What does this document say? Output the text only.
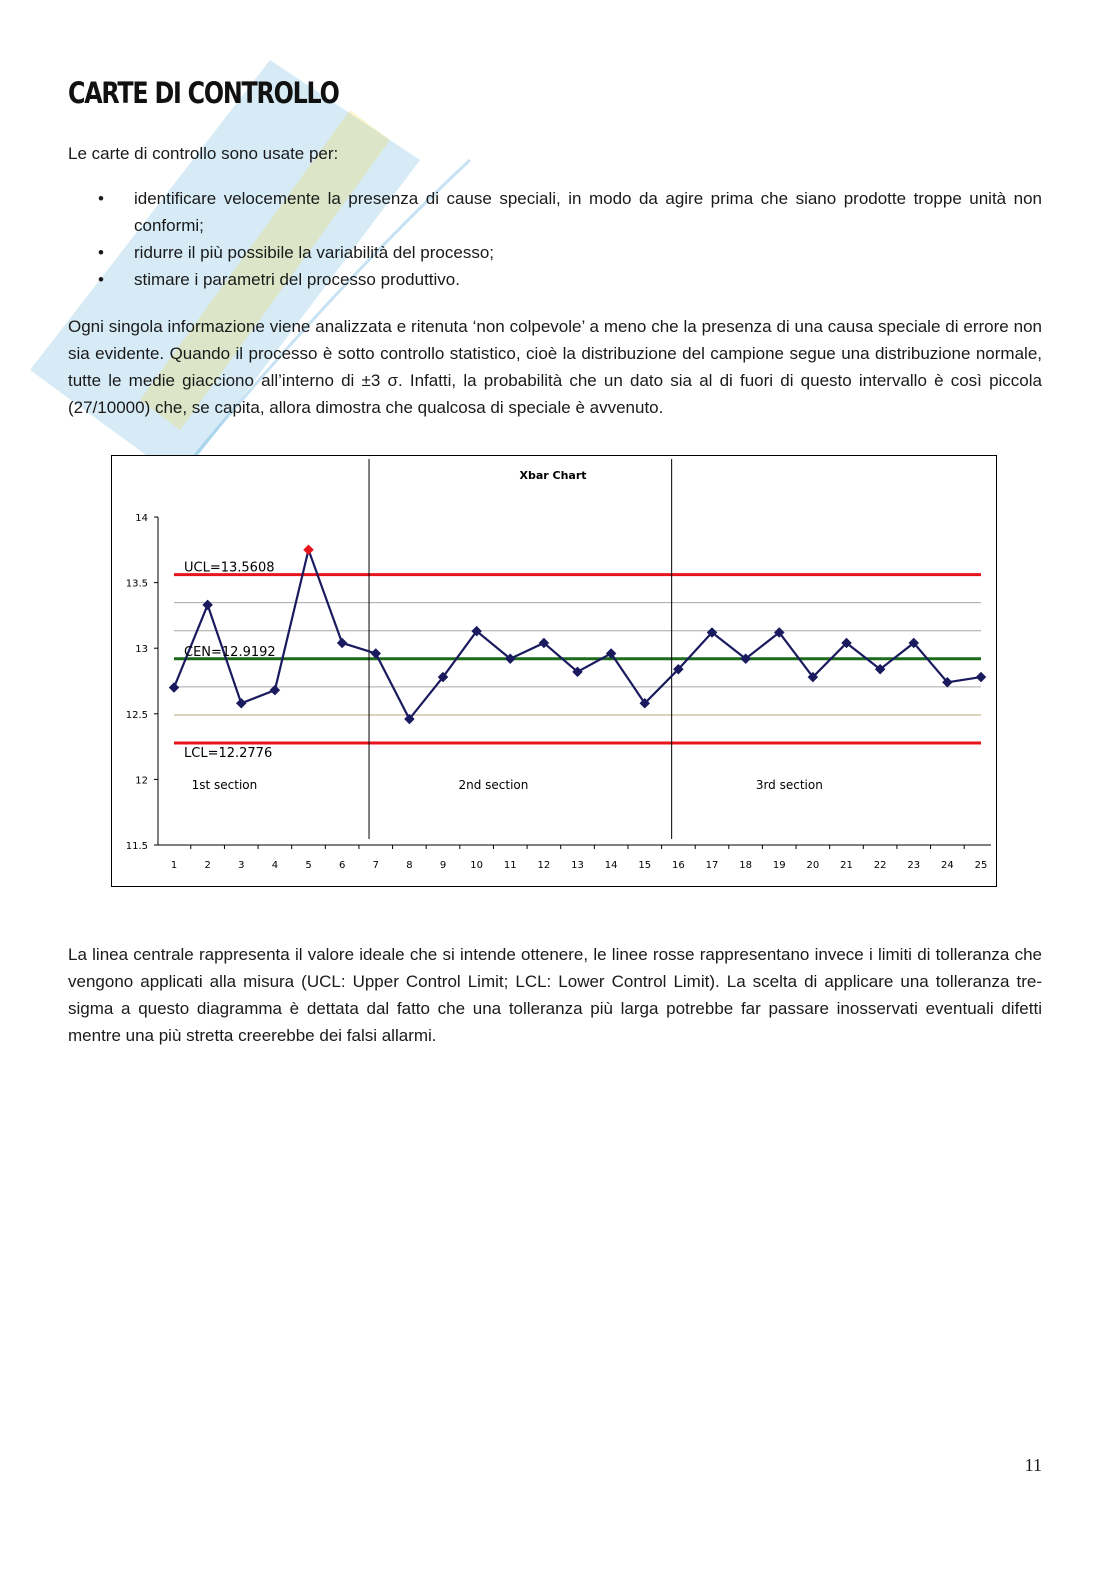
CARTE DI CONTROLLO

Le carte di controllo sono usate per:

• identificare velocemente la presenza di cause speciali, in modo da agire prima che siano prodotte troppe unità non conformi;
• ridurre il più possibile la variabilità del processo;
• stimare i parametri del processo produttivo.

Ogni singola informazione viene analizzata e ritenuta ‘non colpevole’ a meno che la presenza di una causa speciale di errore non sia evidente. Quando il processo è sotto controllo statistico, cioè la distribuzione del campione segue una distribuzione normale, tutte le medie giacciono all’interno di ±3 σ. Infatti, la probabilità che un dato sia al di fuori di questo intervallo è così piccola (27/10000) che, se capita, allora dimostra che qualcosa di speciale è avvenuto.

Xbar Chart
11.5
12
12.5
13
13.5
14
1	2	3	4	5	6	7	8	9 10 11 12 13 14 15 16 17 18 19 20 21 22 23 24 25
UCL=13.5608
CEN=12.9192
LCL=12.2776
1st section	2nd section	3rd section

La linea centrale rappresenta il valore ideale che si intende ottenere, le linee rosse rappresentano invece i limiti di tolleranza che vengono applicati alla misura (UCL: Upper Control Limit; LCL: Lower Control Limit). La scelta di applicare una tolleranza tre-sigma a questo diagramma è dettata dal fatto che una tolleranza più larga potrebbe far passare inosservati eventuali difetti mentre una più stretta creerebbe dei falsi allarmi.

11
